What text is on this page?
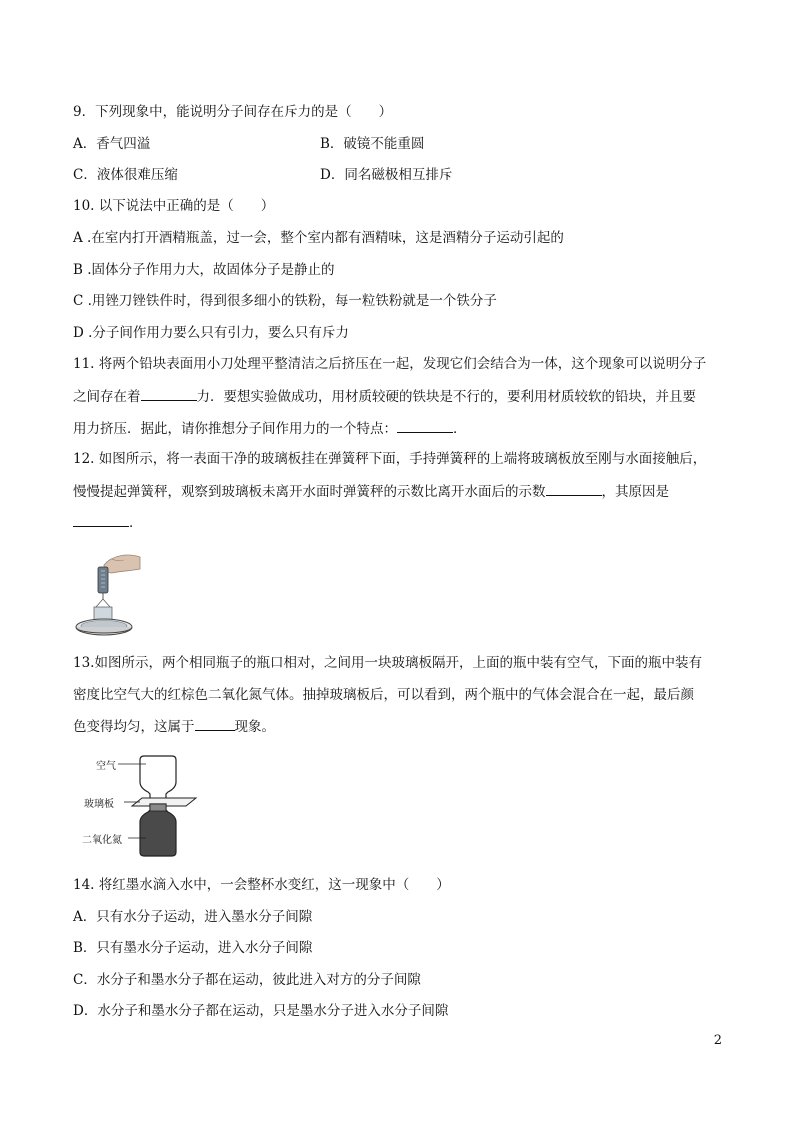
9．下列现象中，能说明分子间存在斥力的是（　　）
A．香气四溢	B．破镜不能重圆
C．液体很难压缩	D．同名磁极相互排斥
10. 以下说法中正确的是（　　）
A .在室内打开酒精瓶盖，过一会，整个室内都有酒精味，这是酒精分子运动引起的
B .固体分子作用力大，故固体分子是静止的
C .用锉刀锉铁件时，得到很多细小的铁粉，每一粒铁粉就是一个铁分子
D .分子间作用力要么只有引力，要么只有斥力
11. 将两个铅块表面用小刀处理平整清洁之后挤压在一起，发现它们会结合为一体，这个现象可以说明分子
之间存在着	力．要想实验做成功，用材质较硬的铁块是不行的，要利用材质较软的铅块，并且要
用力挤压．据此，请你推想分子间作用力的一个特点：	．
12. 如图所示，将一表面干净的玻璃板挂在弹簧秤下面，手持弹簧秤的上端将玻璃板放至刚与水面接触后，
慢慢提起弹簧秤，观察到玻璃板未离开水面时弹簧秤的示数比离开水面后的示数	，其原因是
．
13.如图所示，两个相同瓶子的瓶口相对，之间用一块玻璃板隔开，上面的瓶中装有空气，下面的瓶中装有
密度比空气大的红棕色二氧化氮气体。抽掉玻璃板后，可以看到，两个瓶中的气体会混合在一起，最后颜
色变得均匀，这属于	现象。
空气
玻璃板
二氧化氮
14. 将红墨水滴入水中，一会整杯水变红，这一现象中（　　）
A．只有水分子运动，进入墨水分子间隙
B．只有墨水分子运动，进入水分子间隙
C．水分子和墨水分子都在运动，彼此进入对方的分子间隙
D．水分子和墨水分子都在运动，只是墨水分子进入水分子间隙
2
